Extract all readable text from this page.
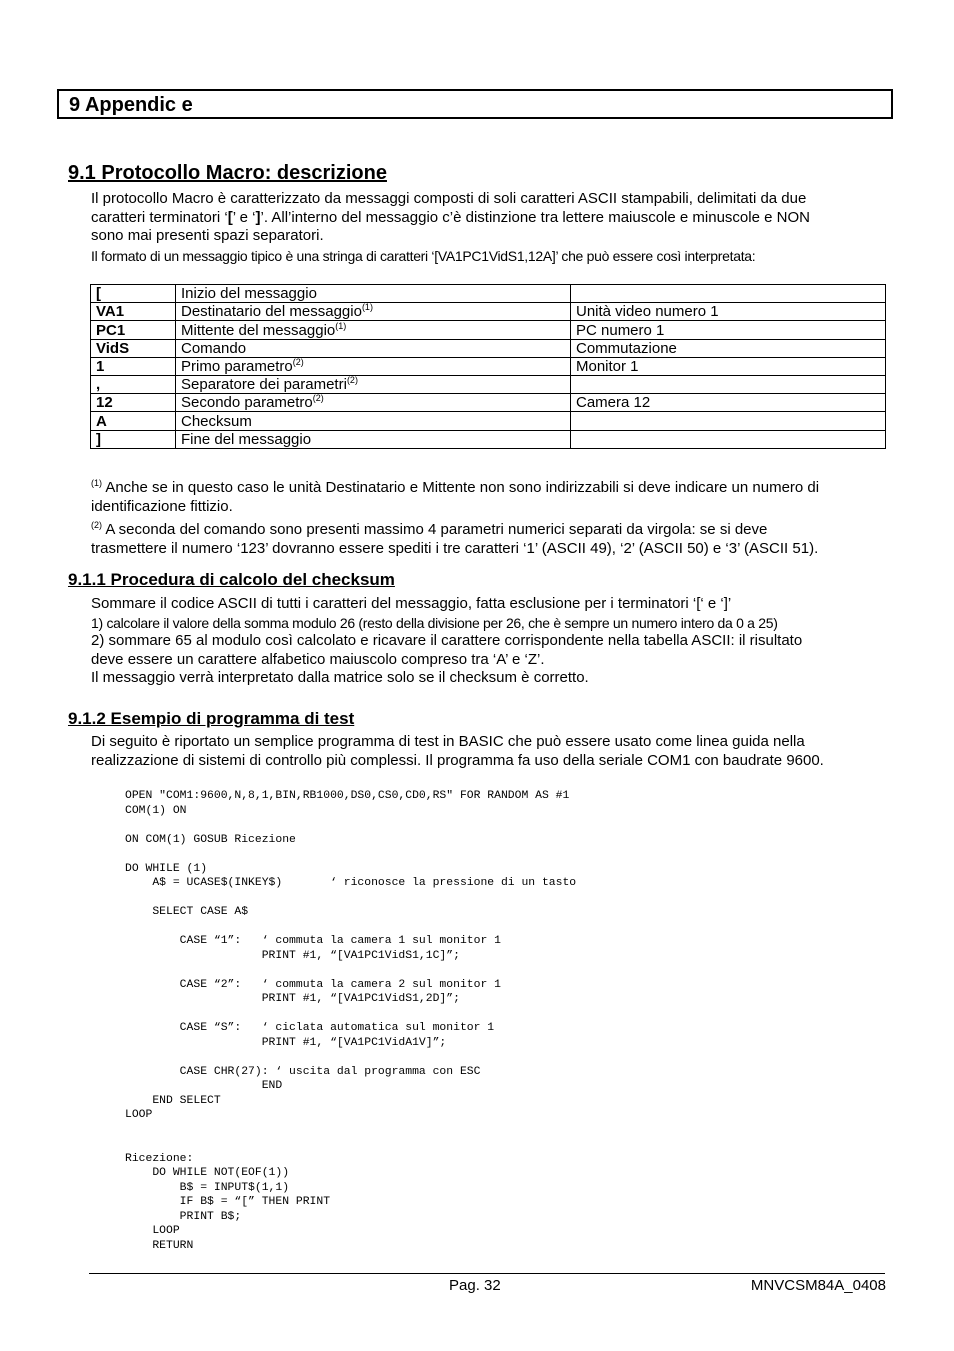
9 Appendic e
9.1 Protocollo Macro: descrizione

Il protocollo Macro è caratterizzato da messaggi composti di soli caratteri ASCII stampabili, delimitati da due

caratteri terminatori ‘[’ e ‘]’. All’interno del messaggio c’è distinzione tra lettere maiuscole e minuscole e NON

sono mai presenti spazi separatori.

Il formato di un messaggio tipico è una stringa di caratteri ‘[VA1PC1VidS1,12A]’ che può essere così interpretata:
[	Inizio del messaggio	
VA1	Destinatario del messaggio$^{(1)}$	Unità video numero 1
PC1	Mittente del messaggio$^{(1)}$	PC numero 1
VidS	Comando	Commutazione
1	Primo parametro$^{(2)}$	Monitor 1
,	Separatore dei parametri$^{(2)}$	
12	Secondo parametro$^{(2)}$	Camera 12
A	Checksum	
]	Fine del messaggio	

$^{(1)}$ Anche se in questo caso le unità Destinatario e Mittente non sono indirizzabili si deve indicare un numero di

identificazione fittizio.

$^{(2)}$ A seconda del comando sono presenti massimo 4 parametri numerici separati da virgola: se si deve

trasmettere il numero ‘123’ dovranno essere spediti i tre caratteri ‘1’ (ASCII 49), ‘2’ (ASCII 50) e ‘3’ (ASCII 51).

9.1.1 Procedura di calcolo del checksum

Sommare il codice ASCII di tutti i caratteri del messaggio, fatta esclusione per i terminatori ‘[‘ e ‘]’

1) calcolare il valore della somma modulo 26 (resto della divisione per 26, che è sempre un numero intero da 0 a 25)

2) sommare 65 al modulo così calcolato e ricavare il carattere corrispondente nella tabella ASCII: il risultato

deve essere un carattere alfabetico maiuscolo compreso tra ‘A’ e ‘Z’.

Il messaggio verrà interpretato dalla matrice solo se il checksum è corretto.

9.1.2 Esempio di programma di test

Di seguito è riportato un semplice programma di test in BASIC che può essere usato come linea guida nella

realizzazione di sistemi di controllo più complessi. Il programma fa uso della seriale COM1 con baudrate 9600.

OPEN "COM1:9600,N,8,1,BIN,RB1000,DS0,CS0,CD0,RS" FOR RANDOM AS #1
COM(1) ON

ON COM(1) GOSUB Ricezione

DO WHILE (1)
A$ = UCASE$(INKEY$)       ‘ riconosce la pressione di un tasto

SELECT CASE A$

CASE “1”:   ‘ commuta la camera 1 sul monitor 1
PRINT #1, “[VA1PC1VidS1,1C]”;

CASE “2”:   ‘ commuta la camera 2 sul monitor 1
PRINT #1, “[VA1PC1VidS1,2D]”;

CASE “S”:   ‘ ciclata automatica sul monitor 1
PRINT #1, “[VA1PC1VidA1V]”;

CASE CHR(27): ‘ uscita dal programma con ESC
END
END SELECT
LOOP

Ricezione:
DO WHILE NOT(EOF(1))
B$ = INPUT$(1,1)
IF B$ = “[” THEN PRINT
PRINT B$;
LOOP
RETURN
Pag. 32	MNVCSM84A_0408
